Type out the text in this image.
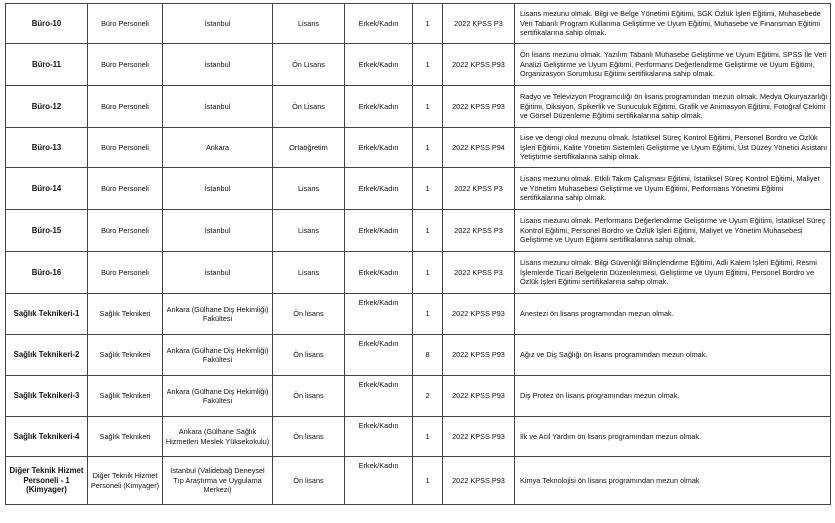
Büro-10	Büro Personeli	İstanbul	Lisans	Erkek/Kadın	1	2022 KPSS P3	Lisans mezunu olmak. Bilgi ve Belge Yönetimi Eğitimi, SGK Özlük İşleri Eğitimi, Muhasebede Veri Tabanlı Program Kullanma Geliştirme ve Uyum Eğitimi, Muhasebe ve Finansman Eğitimi sertifikalarına sahip olmak.
Büro-11	Büro Personeli	İstanbul	Ön Lisans	Erkek/Kadın	1	2022 KPSS P93	Ön lisans mezunu olmak. Yazılım Tabanlı Muhasebe Geliştirme ve Uyum Eğitimi, SPSS İle Veri Analizi Geliştirme ve Uyum Eğitimi, Performans Değerlendirme Geliştirme ve Uyum Eğitimi, Organizasyon Sorumlusu Eğitimi sertifikalarına sahip olmak.
Büro-12	Büro Personeli	İstanbul	Ön Lisans	Erkek/Kadın	1	2022 KPSS P93	Radyo ve Televizyon Programcılığı ön lisans programından mezun olmak. Medya Okuryazarlığı Eğitimi, Diksiyon, Spikerlik ve Sunuculuk Eğitimi, Grafik ve Animasyon Eğitimi, Fotoğraf Çekimi ve Görsel Düzenleme Eğitimi sertifikalarına sahip olmak.
Büro-13	Büro Personeli	Ankara	Ortaöğretim	Erkek/Kadın	1	2022 KPSS P94	Lise ve dengi okul mezunu olmak. İstatiksel Süreç Kontrol Eğitimi, Personel Bordro ve Özlük İşleri Eğitimi, Kalite Yönetim Sistemleri Geliştirme ve Uyum Eğitimi, Üst Düzey Yönetici Asistanı Yetiştirme sertifikalarına sahip olmak.
Büro-14	Büro Personeli	İstanbul	Lisans	Erkek/Kadın	1	2022 KPSS P3	Lisans mezunu olmak. Etkili Takım Çalışması Eğitimi, İstatiksel Süreç Kontrol Eğitimi, Maliyet ve Yönetim Muhasebesi Geliştirme ve Uyum Eğitimi, Performans Yönetimi Eğitimi sertifikalarına sahip olmak.
Büro-15	Büro Personeli	İstanbul	Lisans	Erkek/Kadın	1	2022 KPSS P3	Lisans mezunu olmak. Performans Değerlendirme Geliştirme ve Uyum Eğitimi, İstatiksel Süreç Kontrol Eğitimi, Personel Bordro ve Özlük İşleri Eğitimi, Maliyet ve Yönetim Muhasebesi Geliştirme ve Uyum Eğitimi sertifikalarına sahip olmak.
Büro-16	Büro Personeli	İstanbul	Lisans	Erkek/Kadın	1	2022 KPSS P3	Lisans mezunu olmak. Bilgi Güvenliği Bilinçlendirme Eğitimi, Adli Kalem İşleri Eğitimi, Resmi İşlemlerde Ticari Belgelerin Düzenlenmesi, Geliştirme ve Uyum Eğitimi, Personel Bordro ve Özlük İşleri Eğitimi sertifikalarına sahip olmak.
Sağlık Teknikeri-1	Sağlık Teknikeri	Ankara (Gülhane Diş Hekimliği) Fakültesi	Ön lisans	Erkek/Kadın	1	2022 KPSS P93	Anestezi ön lisans programından mezun olmak.
Sağlık Teknikeri-2	Sağlık Teknikeri	Ankara (Gülhane Diş Hekimliği) Fakültesi	Ön lisans	Erkek/Kadın	8	2022 KPSS P93	Ağız ve Diş Sağlığı ön lisans programından mezun olmak.
Sağlık Teknikeri-3	Sağlık Teknikeri	Ankara (Gülhane Diş Hekimliği) Fakültesi	Ön lisans	Erkek/Kadın	2	2022 KPSS P93	Diş Protez ön lisans programından mezun olmak.
Sağlık Teknikeri-4	Sağlık Teknikeri	Ankara (Gülhane Sağlık Hizmetleri Meslek Yüksekokulu)	Ön lisans	Erkek/Kadın	1	2022 KPSS P93	İlk ve Acil Yardım ön lisans programından mezun olmak.
Diğer Teknik Hizmet Personeli - 1 (Kimyager)	Diğer Teknik Hizmet Personeli (Kimyager)	İstanbul (Validebağ Deneysel Tıp Araştırma ve Uygulama Merkezi)	Ön lisans	Erkek/Kadın	1	2022 KPSS P93	Kimya Teknolojisi ön lisans programından mezun olmak
